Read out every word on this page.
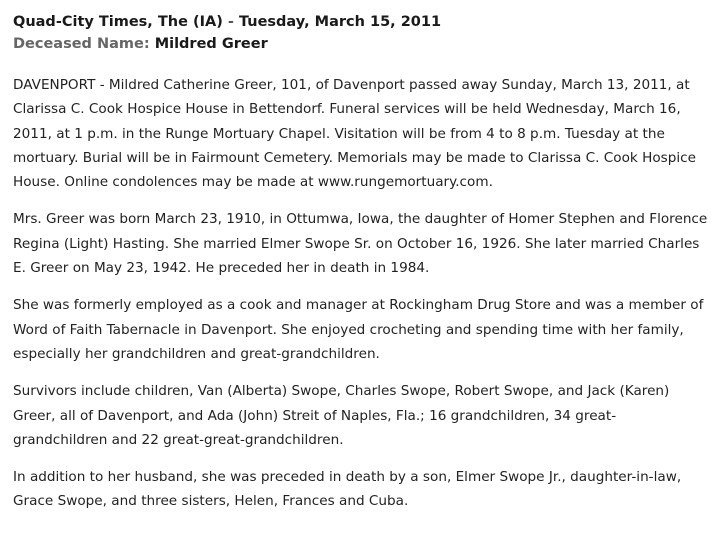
Quad-City Times, The (IA) - Tuesday, March 15, 2011

Deceased Name: Mildred Greer

DAVENPORT - Mildred Catherine Greer, 101, of Davenport passed away Sunday, March 13, 2011, at Clarissa C. Cook Hospice House in Bettendorf. Funeral services will be held Wednesday, March 16, 2011, at 1 p.m. in the Runge Mortuary Chapel. Visitation will be from 4 to 8 p.m. Tuesday at the mortuary. Burial will be in Fairmount Cemetery. Memorials may be made to Clarissa C. Cook Hospice House. Online condolences may be made at www.rungemortuary.com.

Mrs. Greer was born March 23, 1910, in Ottumwa, Iowa, the daughter of Homer Stephen and Florence Regina (Light) Hasting. She married Elmer Swope Sr. on October 16, 1926. She later married Charles E. Greer on May 23, 1942. He preceded her in death in 1984.

She was formerly employed as a cook and manager at Rockingham Drug Store and was a member of Word of Faith Tabernacle in Davenport. She enjoyed crocheting and spending time with her family, especially her grandchildren and great-grandchildren.

Survivors include children, Van (Alberta) Swope, Charles Swope, Robert Swope, and Jack (Karen) Greer, all of Davenport, and Ada (John) Streit of Naples, Fla.; 16 grandchildren, 34 great-grandchildren and 22 great-great-grandchildren.

In addition to her husband, she was preceded in death by a son, Elmer Swope Jr., daughter-in-law, Grace Swope, and three sisters, Helen, Frances and Cuba.
